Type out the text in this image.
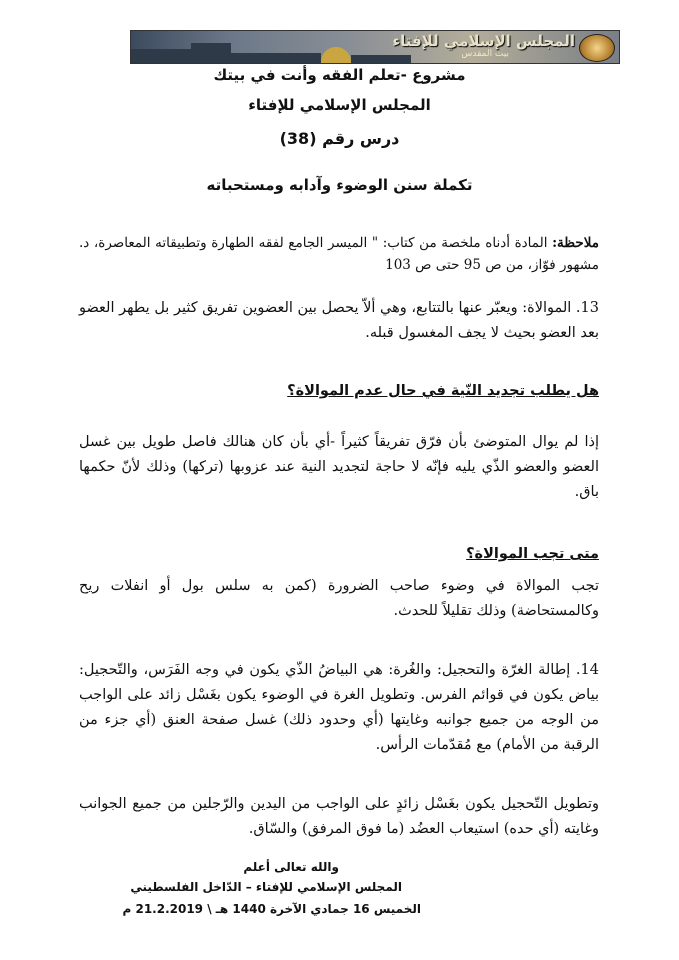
المجلس الإسلامي للإفتاء
بيت المقدس
مشروع -تعلم الفقه وأنت في بيتك
المجلس الإسلامي للإفتاء
درس رقم (38)
تكملة سنن الوضوء وآدابه ومستحباته
ملاحظة: المادة أدناه ملخصة من كتاب: " الميسر الجامع لفقه الطهارة وتطبيقاته المعاصرة، د. مشهور فوّاز، من ص 95 حتى ص 103
13. الموالاة: ويعبّر عنها بالتتابع، وهي ألاّ يحصل بين العضوين تفريق كثير بل يطهر العضو بعد العضو بحيث لا يجف المغسول قبله.
هل يطلب تجديد النّية في حال عدم الموالاة؟
إذا لم يوال المتوضئ بأن فرّق تفريقاً كثيراً -أي بأن كان هنالك فاصل طويل بين غسل العضو والعضو الذّي يليه فإنّه لا حاجة لتجديد النية عند عزوبها (تركها) وذلك لأنّ حكمها باق.
متى تجب الموالاة؟
تجب الموالاة في وضوء صاحب الضرورة (كمن به سلس بول أو انفلات ريح وكالمستحاضة) وذلك تقليلاً للحدث.
14. إطالة الغرّة والتحجيل: والغُرة: هي البياضُ الذّي يكون في وجه الفَرَس، والتّحجيل: بياض يكون في قوائم الفرس. وتطويل الغرة في الوضوء يكون بغَسْل زائد على الواجب من الوجه من جميع جوانبه وغايتها (أي وحدود ذلك) غسل صفحة العنق (أي جزء من الرقبة من الأمام) مع مُقدّمات الرأس.
وتطويل التّحجيل يكون بغَسْل زائدٍ على الواجب من اليدين والرّجلين من جميع الجوانب وغايته (أي حده) استيعاب العضُد (ما فوق المرفق) والسّاق.
والله تعالى أعلم
المجلس الإسلامي للإفتاء – الدّاخل الفلسطيني
الخميس 16 جمادي الآخرة 1440 هـ \ 21.2.2019 م
